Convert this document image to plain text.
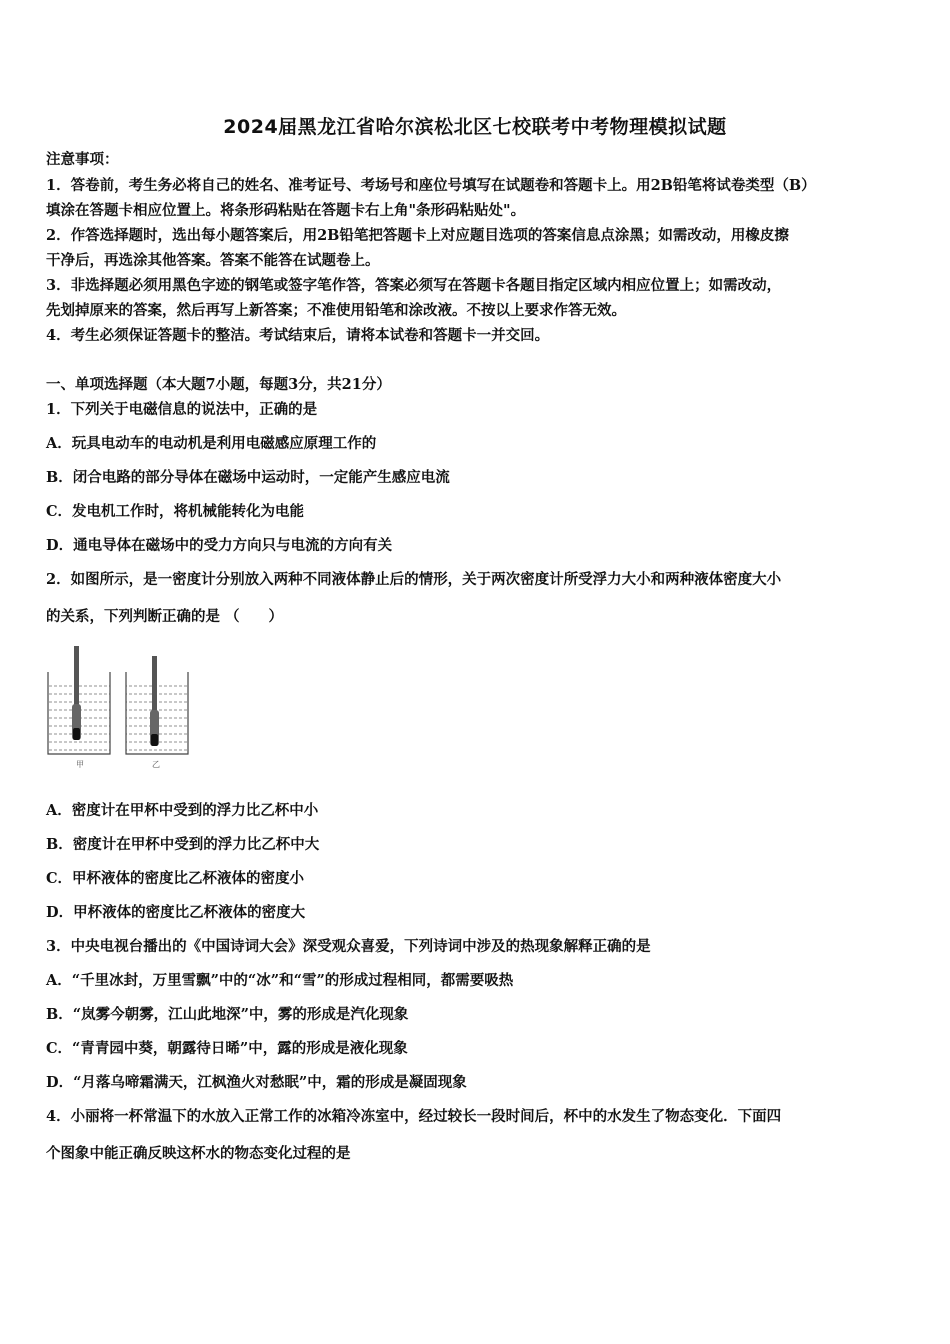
2024届黑龙江省哈尔滨松北区七校联考中考物理模拟试题
注意事项：
1．答卷前，考生务必将自己的姓名、准考证号、考场号和座位号填写在试题卷和答题卡上。用2B铅笔将试卷类型（B）
填涂在答题卡相应位置上。将条形码粘贴在答题卡右上角"条形码粘贴处"。
2．作答选择题时，选出每小题答案后，用2B铅笔把答题卡上对应题目选项的答案信息点涂黑；如需改动，用橡皮擦
干净后，再选涂其他答案。答案不能答在试题卷上。
3．非选择题必须用黑色字迹的钢笔或签字笔作答，答案必须写在答题卡各题目指定区域内相应位置上；如需改动，
先划掉原来的答案，然后再写上新答案；不准使用铅笔和涂改液。不按以上要求作答无效。
4．考生必须保证答题卡的整洁。考试结束后，请将本试卷和答题卡一并交回。
一、单项选择题（本大题7小题，每题3分，共21分）
1．下列关于电磁信息的说法中，正确的是
A．玩具电动车的电动机是利用电磁感应原理工作的
B．闭合电路的部分导体在磁场中运动时，一定能产生感应电流
C．发电机工作时，将机械能转化为电能
D．通电导体在磁场中的受力方向只与电流的方向有关
2．如图所示，是一密度计分别放入两种不同液体静止后的情形，关于两次密度计所受浮力大小和两种液体密度大小
的关系，下列判断正确的是 （　　）
甲	乙
A．密度计在甲杯中受到的浮力比乙杯中小
B．密度计在甲杯中受到的浮力比乙杯中大
C．甲杯液体的密度比乙杯液体的密度小
D．甲杯液体的密度比乙杯液体的密度大
3．中央电视台播出的《中国诗词大会》深受观众喜爱，下列诗词中涉及的热现象解释正确的是
A．“千里冰封，万里雪飘”中的“冰”和“雪”的形成过程相同，都需要吸热
B．“岚雾今朝雾，江山此地深”中，雾的形成是汽化现象
C．“青青园中葵，朝露待日晞”中，露的形成是液化现象
D．“月落乌啼霜满天，江枫渔火对愁眠”中，霜的形成是凝固现象
4．小丽将一杯常温下的水放入正常工作的冰箱冷冻室中，经过较长一段时间后，杯中的水发生了物态变化．下面四
个图象中能正确反映这杯水的物态变化过程的是
